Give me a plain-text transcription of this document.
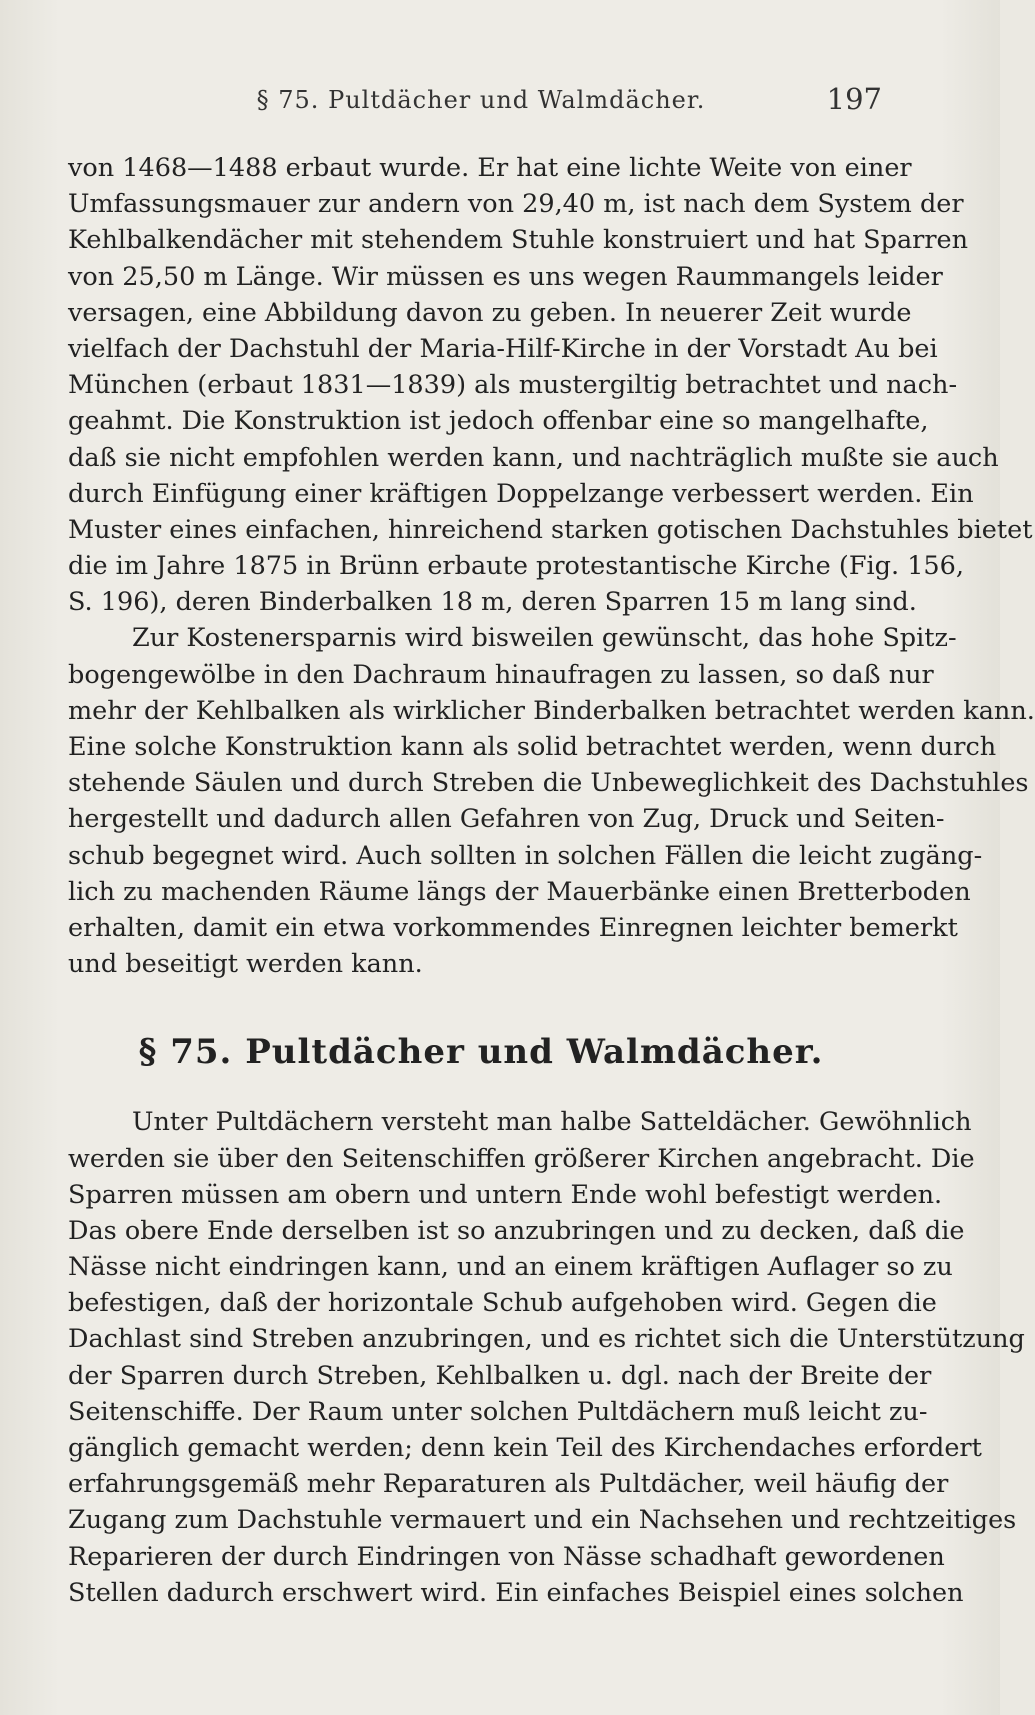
§ 75. Pultdächer und Walmdächer.	197
von 1468—1488 erbaut wurde. Er hat eine lichte Weite von einer
Umfassungsmauer zur andern von 29,40 m, ist nach dem System der
Kehlbalkendächer mit stehendem Stuhle konstruiert und hat Sparren
von 25,50 m Länge. Wir müssen es uns wegen Raummangels leider
versagen, eine Abbildung davon zu geben. In neuerer Zeit wurde
vielfach der Dachstuhl der Maria-Hilf-Kirche in der Vorstadt Au bei
München (erbaut 1831—1839) als mustergiltig betrachtet und nach-
geahmt. Die Konstruktion ist jedoch offenbar eine so mangelhafte,
daß sie nicht empfohlen werden kann, und nachträglich mußte sie auch
durch Einfügung einer kräftigen Doppelzange verbessert werden. Ein
Muster eines einfachen, hinreichend starken gotischen Dachstuhles bietet
die im Jahre 1875 in Brünn erbaute protestantische Kirche (Fig. 156,
S. 196), deren Binderbalken 18 m, deren Sparren 15 m lang sind.
Zur Kostenersparnis wird bisweilen gewünscht, das hohe Spitz-
bogengewölbe in den Dachraum hinaufragen zu lassen, so daß nur
mehr der Kehlbalken als wirklicher Binderbalken betrachtet werden kann.
Eine solche Konstruktion kann als solid betrachtet werden, wenn durch
stehende Säulen und durch Streben die Unbeweglichkeit des Dachstuhles
hergestellt und dadurch allen Gefahren von Zug, Druck und Seiten-
schub begegnet wird. Auch sollten in solchen Fällen die leicht zugäng-
lich zu machenden Räume längs der Mauerbänke einen Bretterboden
erhalten, damit ein etwa vorkommendes Einregnen leichter bemerkt
und beseitigt werden kann.
§ 75. Pultdächer und Walmdächer.
Unter Pultdächern versteht man halbe Satteldächer. Gewöhnlich
werden sie über den Seitenschiffen größerer Kirchen angebracht. Die
Sparren müssen am obern und untern Ende wohl befestigt werden.
Das obere Ende derselben ist so anzubringen und zu decken, daß die
Nässe nicht eindringen kann, und an einem kräftigen Auflager so zu
befestigen, daß der horizontale Schub aufgehoben wird. Gegen die
Dachlast sind Streben anzubringen, und es richtet sich die Unterstützung
der Sparren durch Streben, Kehlbalken u. dgl. nach der Breite der
Seitenschiffe. Der Raum unter solchen Pultdächern muß leicht zu-
gänglich gemacht werden; denn kein Teil des Kirchendaches erfordert
erfahrungsgemäß mehr Reparaturen als Pultdächer, weil häufig der
Zugang zum Dachstuhle vermauert und ein Nachsehen und rechtzeitiges
Reparieren der durch Eindringen von Nässe schadhaft gewordenen
Stellen dadurch erschwert wird. Ein einfaches Beispiel eines solchen
